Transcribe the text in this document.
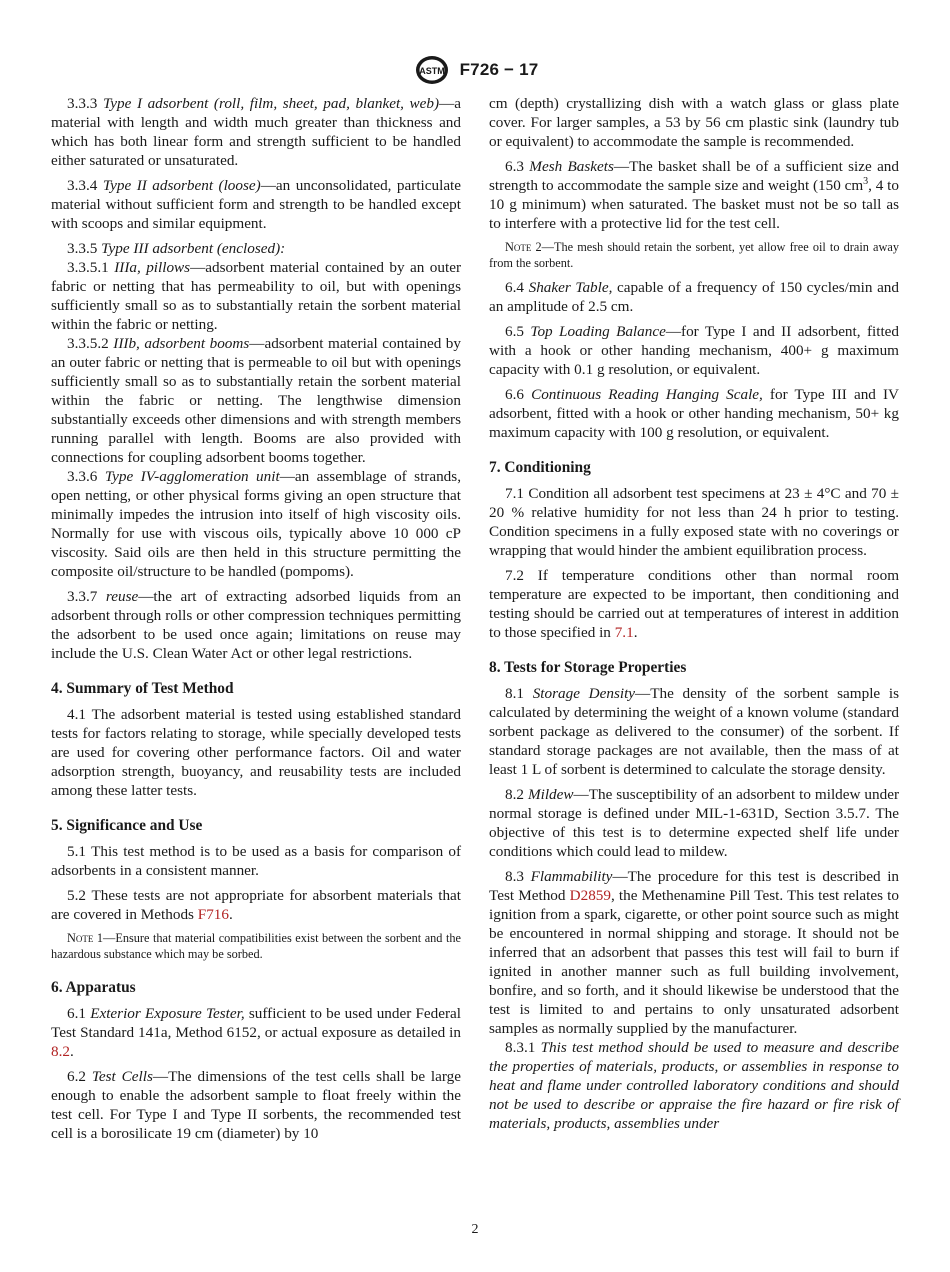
ASTM F726 − 17

3.3.3 Type I adsorbent (roll, film, sheet, pad, blanket, web)—a material with length and width much greater than thickness and which has both linear form and strength sufficient to be handled either saturated or unsaturated.

3.3.4 Type II adsorbent (loose)—an unconsolidated, particulate material without sufficient form and strength to be handled except with scoops and similar equipment.

3.3.5 Type III adsorbent (enclosed):

3.3.5.1 IIIa, pillows—adsorbent material contained by an outer fabric or netting that has permeability to oil, but with openings sufficiently small so as to substantially retain the sorbent material within the fabric or netting.

3.3.5.2 IIIb, adsorbent booms—adsorbent material contained by an outer fabric or netting that is permeable to oil but with openings sufficiently small so as to substantially retain the sorbent material within the fabric or netting. The lengthwise dimension substantially exceeds other dimensions and with strength members running parallel with length. Booms are also provided with connections for coupling adsorbent booms together.

3.3.6 Type IV-agglomeration unit—an assemblage of strands, open netting, or other physical forms giving an open structure that minimally impedes the intrusion into itself of high viscosity oils. Normally for use with viscous oils, typically above 10 000 cP viscosity. Said oils are then held in this structure permitting the composite oil/structure to be handled (pompoms).

3.3.7 reuse—the art of extracting adsorbed liquids from an adsorbent through rolls or other compression techniques permitting the adsorbent to be used once again; limitations on reuse may include the U.S. Clean Water Act or other legal restrictions.

4. Summary of Test Method

4.1 The adsorbent material is tested using established standard tests for factors relating to storage, while specially developed tests are used for covering other performance factors. Oil and water adsorption strength, buoyancy, and reusability tests are included among these latter tests.

5. Significance and Use

5.1 This test method is to be used as a basis for comparison of adsorbents in a consistent manner.

5.2 These tests are not appropriate for absorbent materials that are covered in Methods F716.

Note 1—Ensure that material compatibilities exist between the sorbent and the hazardous substance which may be sorbed.

6. Apparatus

6.1 Exterior Exposure Tester, sufficient to be used under Federal Test Standard 141a, Method 6152, or actual exposure as detailed in 8.2.

6.2 Test Cells—The dimensions of the test cells shall be large enough to enable the adsorbent sample to float freely within the test cell. For Type I and Type II sorbents, the recommended test cell is a borosilicate 19 cm (diameter) by 10

cm (depth) crystallizing dish with a watch glass or glass plate cover. For larger samples, a 53 by 56 cm plastic sink (laundry tub or equivalent) to accommodate the sample is recommended.

6.3 Mesh Baskets—The basket shall be of a sufficient size and strength to accommodate the sample size and weight (150 $cm^3$, 4 to 10 g minimum) when saturated. The basket must not be so tall as to interfere with a protective lid for the test cell.

Note 2—The mesh should retain the sorbent, yet allow free oil to drain away from the sorbent.

6.4 Shaker Table, capable of a frequency of 150 cycles/min and an amplitude of 2.5 cm.

6.5 Top Loading Balance—for Type I and II adsorbent, fitted with a hook or other handing mechanism, 400+ g maximum capacity with 0.1 g resolution, or equivalent.

6.6 Continuous Reading Hanging Scale, for Type III and IV adsorbent, fitted with a hook or other handing mechanism, 50+ kg maximum capacity with 100 g resolution, or equivalent.

7. Conditioning

7.1 Condition all adsorbent test specimens at 23 ± 4°C and 70 ± 20 % relative humidity for not less than 24 h prior to testing. Condition specimens in a fully exposed state with no coverings or wrapping that would hinder the ambient equilibration process.

7.2 If temperature conditions other than normal room temperature are expected to be important, then conditioning and testing should be carried out at temperatures of interest in addition to those specified in 7.1.

8. Tests for Storage Properties

8.1 Storage Density—The density of the sorbent sample is calculated by determining the weight of a known volume (standard sorbent package as delivered to the consumer) of the sorbent. If standard storage packages are not available, then the mass of at least 1 L of sorbent is determined to calculate the storage density.

8.2 Mildew—The susceptibility of an adsorbent to mildew under normal storage is defined under MIL-1-631D, Section 3.5.7. The objective of this test is to determine expected shelf life under conditions which could lead to mildew.

8.3 Flammability—The procedure for this test is described in Test Method D2859, the Methenamine Pill Test. This test relates to ignition from a spark, cigarette, or other point source such as might be encountered in normal shipping and storage. It should not be inferred that an adsorbent that passes this test will fail to burn if ignited in another manner such as full building involvement, bonfire, and so forth, and it should likewise be understood that the test is limited to and pertains to only unsaturated adsorbent samples as normally supplied by the manufacturer.

8.3.1 This test method should be used to measure and describe the properties of materials, products, or assemblies in response to heat and flame under controlled laboratory conditions and should not be used to describe or appraise the fire hazard or fire risk of materials, products, assemblies under

2
